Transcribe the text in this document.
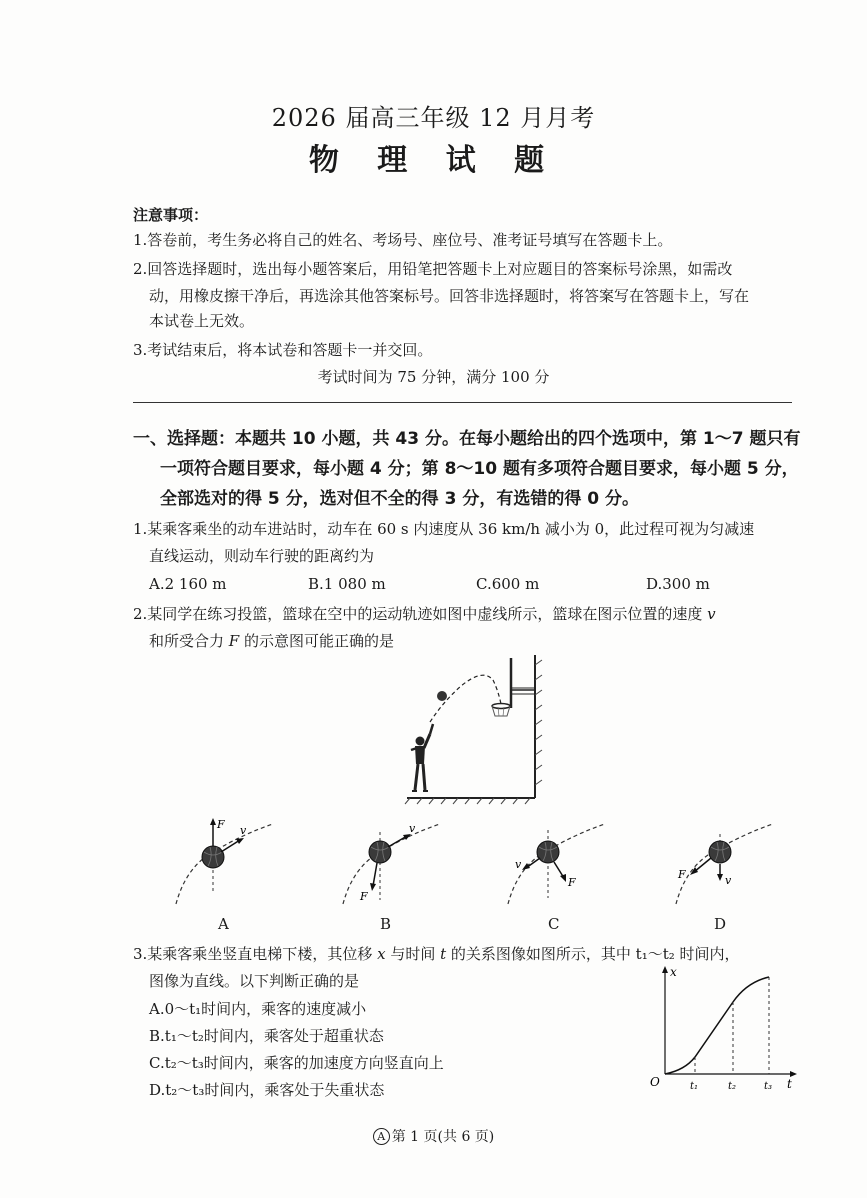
2026 届高三年级 12 月月考
物 理 试 题
注意事项：
1.答卷前，考生务必将自己的姓名、考场号、座位号、准考证号填写在答题卡上。
2.回答选择题时，选出每小题答案后，用铅笔把答题卡上对应题目的答案标号涂黑，如需改
动，用橡皮擦干净后，再选涂其他答案标号。回答非选择题时，将答案写在答题卡上，写在
本试卷上无效。
3.考试结束后，将本试卷和答题卡一并交回。
考试时间为 75 分钟，满分 100 分
一、选择题：本题共 10 小题，共 43 分。在每小题给出的四个选项中，第 1～7 题只有
一项符合题目要求，每小题 4 分；第 8～10 题有多项符合题目要求，每小题 5 分，
全部选对的得 5 分，选对但不全的得 3 分，有选错的得 0 分。
1.某乘客乘坐的动车进站时，动车在 60 s 内速度从 36 km/h 减小为 0，此过程可视为匀减速
直线运动，则动车行驶的距离约为
A.2 160 m	B.1 080 m	C.600 m	D.300 m
2.某同学在练习投篮，篮球在空中的运动轨迹如图中虚线所示，篮球在图示位置的速度 v
和所受合力 F 的示意图可能正确的是
F v
A
v
F
B
v
F
C
F	v
D
3.某乘客乘坐竖直电梯下楼，其位移 x 与时间 t 的关系图像如图所示，其中 t₁～t₂ 时间内，
图像为直线。以下判断正确的是
A.0～t₁时间内，乘客的速度减小
B.t₁～t₂时间内，乘客处于超重状态
C.t₂～t₃时间内，乘客的加速度方向竖直向上
D.t₂～t₃时间内，乘客处于失重状态
x
t
O	t₁	t₂	t₃
A 第 1 页(共 6 页)
